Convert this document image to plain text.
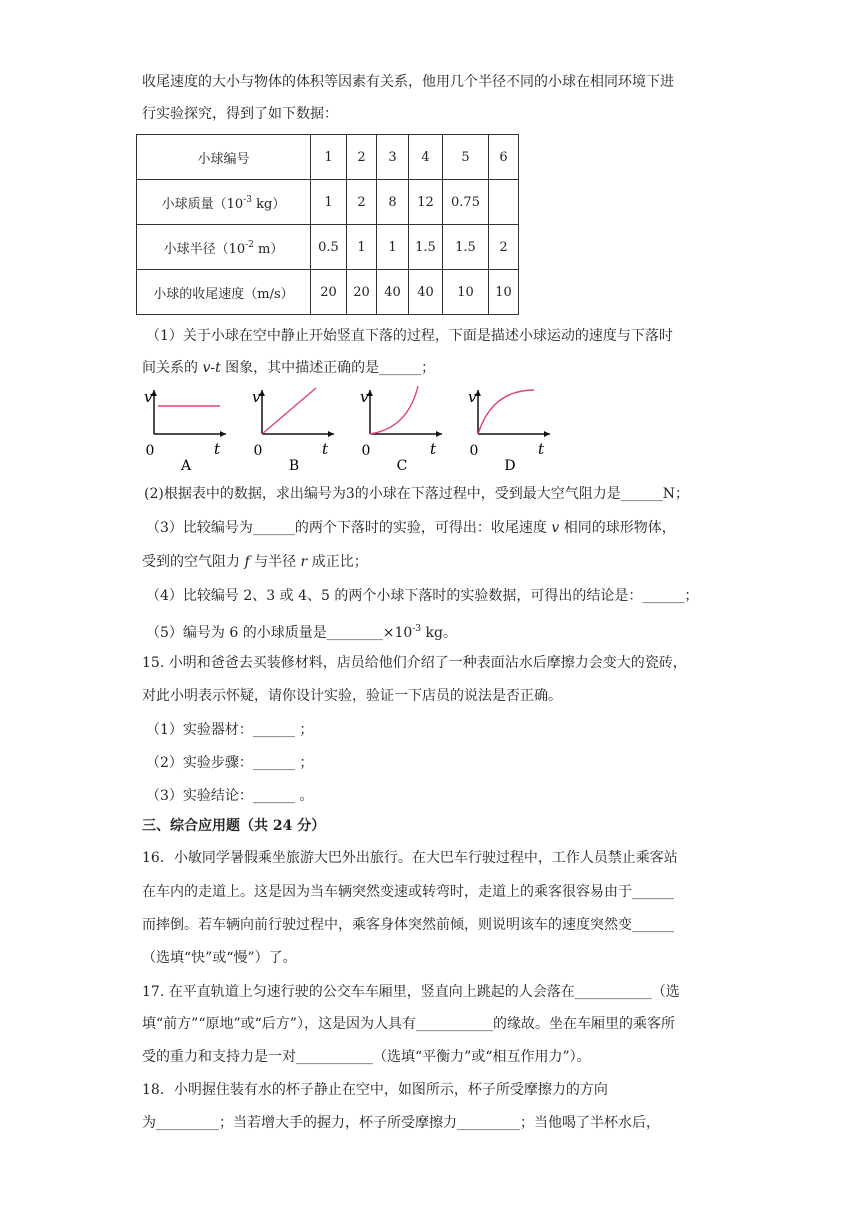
收尾速度的大小与物体的体积等因素有关系，他用几个半径不同的小球在相同环境下进
行实验探究，得到了如下数据：
小球编号	1	2	3	4	5	6
小球质量（$10^{-3}$ kg）	1	2	8	12	0.75	
小球半径（$10^{-2}$ m）	0.5	1	1	1.5	1.5	2
小球的收尾速度（m/s）	20	20	40	40	10	10
（1）关于小球在空中静止开始竖直下落的过程，下面是描述小球运动的速度与下落时
间关系的 v-t 图象，其中描述正确的是______；
v
t
0
A
v
t
0
B
v
t
0
C
v
t
0
D
(2)根据表中的数据，求出编号为3的小球在下落过程中，受到最大空气阻力是______N；
（3）比较编号为______的两个下落时的实验，可得出：收尾速度 v 相同的球形物体，
受到的空气阻力 f 与半径 r 成正比；
（4）比较编号 2、3 或 4、5 的两个小球下落时的实验数据，可得出的结论是：______；
（5）编号为 6 的小球质量是$\_\_\_\_\_\_\_\_\times 10^{-3}$ kg。
15. 小明和爸爸去买装修材料，店员给他们介绍了一种表面沾水后摩擦力会变大的瓷砖，
对此小明表示怀疑，请你设计实验，验证一下店员的说法是否正确。
（1）实验器材：______ ；
（2）实验步骤：______ ；
（3）实验结论：______ 。
三、综合应用题（共 24 分）
16．小敏同学暑假乘坐旅游大巴外出旅行。在大巴车行驶过程中，工作人员禁止乘客站
在车内的走道上。这是因为当车辆突然变速或转弯时，走道上的乘客很容易由于______
而摔倒。若车辆向前行驶过程中，乘客身体突然前倾，则说明该车的速度突然变______
（选填“快”或“慢”）了。
17. 在平直轨道上匀速行驶的公交车车厢里，竖直向上跳起的人会落在___________（选
填“前方”“原地”或“后方”），这是因为人具有___________的缘故。坐在车厢里的乘客所
受的重力和支持力是一对___________（选填“平衡力”或“相互作用力”）。
18．小明握住装有水的杯子静止在空中，如图所示，杯子所受摩擦力的方向
为_________；当若增大手的握力，杯子所受摩擦力_________；当他喝了半杯水后，
